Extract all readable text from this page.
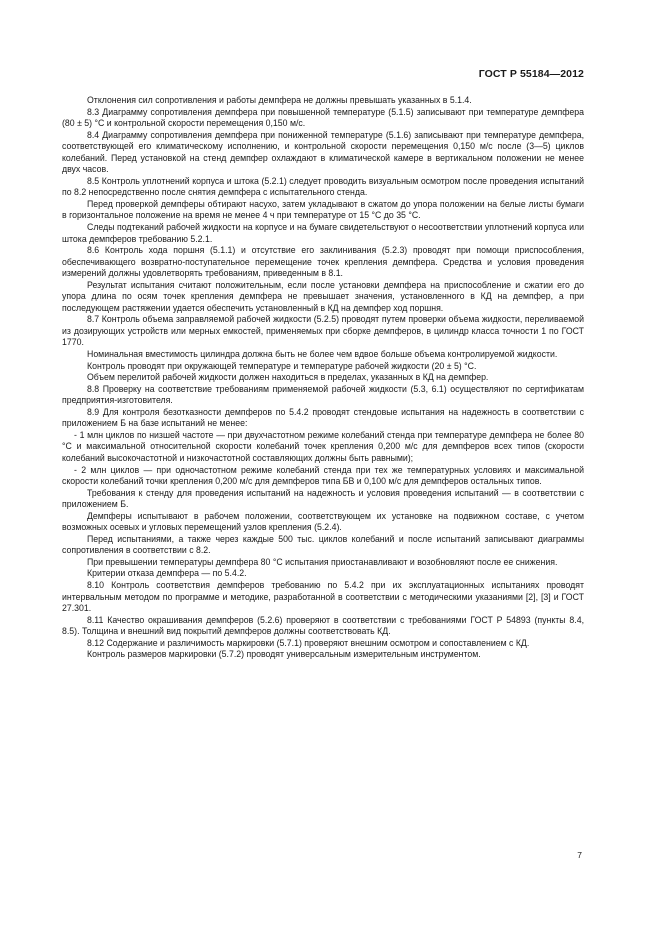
ГОСТ Р 55184—2012

Отклонения сил сопротивления и работы демпфера не должны превышать указанных в 5.1.4.

8.3 Диаграмму сопротивления демпфера при повышенной температуре (5.1.5) записывают при температуре демпфера (80 ± 5) °C и контрольной скорости перемещения 0,150 м/с.

8.4 Диаграмму сопротивления демпфера при пониженной температуре (5.1.6) записывают при температуре демпфера, соответствующей его климатическому исполнению, и контрольной скорости перемещения 0,150 м/с после (3—5) циклов колебаний. Перед установкой на стенд демпфер охлаждают в климатической камере в вертикальном положении не менее двух часов.

8.5 Контроль уплотнений корпуса и штока (5.2.1) следует проводить визуальным осмотром после проведения испытаний по 8.2 непосредственно после снятия демпфера с испытательного стенда.

Перед проверкой демпферы обтирают насухо, затем укладывают в сжатом до упора положении на белые листы бумаги в горизонтальное положение на время не менее 4 ч при температуре от 15 °C до 35 °C.

Следы подтеканий рабочей жидкости на корпусе и на бумаге свидетельствуют о несоответствии уплотнений корпуса или штока демпферов требованию 5.2.1.

8.6 Контроль хода поршня (5.1.1) и отсутствие его заклинивания (5.2.3) проводят при помощи приспособления, обеспечивающего возвратно-поступательное перемещение точек крепления демпфера. Средства и условия проведения измерений должны удовлетворять требованиям, приведенным в 8.1.

Результат испытания считают положительным, если после установки демпфера на приспособление и сжатии его до упора длина по осям точек крепления демпфера не превышает значения, установленного в КД на демпфер, а при последующем растяжении удается обеспечить установленный в КД на демпфер ход поршня.

8.7 Контроль объема заправляемой рабочей жидкости (5.2.5) проводят путем проверки объема жидкости, переливаемой из дозирующих устройств или мерных емкостей, применяемых при сборке демпферов, в цилиндр класса точности 1 по ГОСТ 1770.

Номинальная вместимость цилиндра должна быть не более чем вдвое больше объема контролируемой жидкости.

Контроль проводят при окружающей температуре и температуре рабочей жидкости (20 ± 5) °C.

Объем перелитой рабочей жидкости должен находиться в пределах, указанных в КД на демпфер.

8.8 Проверку на соответствие требованиям применяемой рабочей жидкости (5.3, 6.1) осуществляют по сертификатам предприятия-изготовителя.

8.9 Для контроля безотказности демпферов по 5.4.2 проводят стендовые испытания на надежность в соответствии с приложением Б на базе испытаний не менее:

- 1 млн циклов по низшей частоте — при двухчастотном режиме колебаний стенда при температуре демпфера не более 80 °C и максимальной относительной скорости колебаний точек крепления 0,200 м/с для демпферов всех типов (скорости колебаний высокочастотной и низкочастотной составляющих должны быть равными);

- 2 млн циклов — при одночастотном режиме колебаний стенда при тех же температурных условиях и максимальной скорости колебаний точки крепления 0,200 м/с для демпферов типа БВ и 0,100 м/с для демпферов остальных типов.

Требования к стенду для проведения испытаний на надежность и условия проведения испытаний — в соответствии с приложением Б.

Демпферы испытывают в рабочем положении, соответствующем их установке на подвижном составе, с учетом возможных осевых и угловых перемещений узлов крепления (5.2.4).

Перед испытаниями, а также через каждые 500 тыс. циклов колебаний и после испытаний записывают диаграммы сопротивления в соответствии с 8.2.

При превышении температуры демпфера 80 °C испытания приостанавливают и возобновляют после ее снижения.

Критерии отказа демпфера — по 5.4.2.

8.10 Контроль соответствия демпферов требованию по 5.4.2 при их эксплуатационных испытаниях проводят интервальным методом по программе и методике, разработанной в соответствии с методическими указаниями [2], [3] и ГОСТ 27.301.

8.11 Качество окрашивания демпферов (5.2.6) проверяют в соответствии с требованиями ГОСТ Р 54893 (пункты 8.4, 8.5). Толщина и внешний вид покрытий демпферов должны соответствовать КД.

8.12 Содержание и различимость маркировки (5.7.1) проверяют внешним осмотром и сопоставлением с КД.

Контроль размеров маркировки (5.7.2) проводят универсальным измерительным инструментом.

7
